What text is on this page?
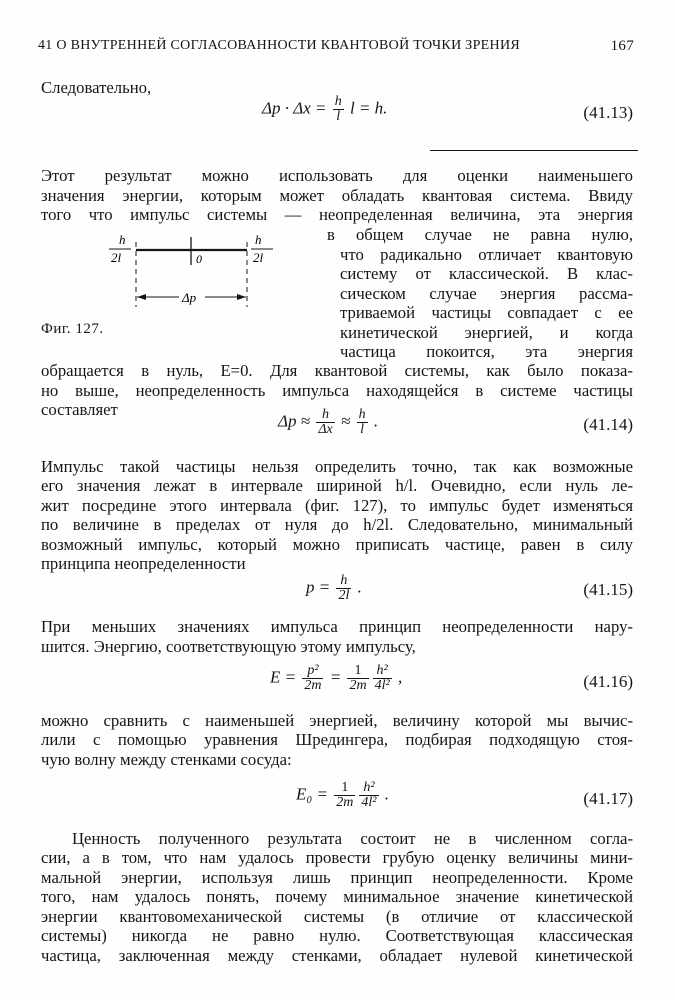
41 О ВНУТРЕННЕЙ СОГЛАСОВАННОСТИ КВАНТОВОЙ ТОЧКИ ЗРЕНИЯ	167

Следовательно,

$\Delta p \cdot \Delta x = \frac{h}{l}$ l = h.	(41.13)

Этот результат можно использовать для оценки наименьшего

значения энергии, которым может обладать квантовая система. Ввиду

того что импульс системы — неопределенная величина, эта энергия

в общем случае не равна нулю,

что радикально отличает квантовую

систему от классической. В клас-

сическом случае энергия рассма-

триваемой частицы совпадает с ее

кинетической энергией, и когда

частица покоится, эта энергия

обращается в нуль, E=0. Для квантовой системы, как было показа-

но выше, неопределенность импульса находящейся в системе частицы

составляет

h
2l
h
2l
0
Δp
Фиг. 127.
$\Delta p \approx \frac{h}{\Delta x} \approx \frac{h}{l}$ .	(41.14)

Импульс такой частицы нельзя определить точно, так как возможные

его значения лежат в интервале шириной h/l. Очевидно, если нуль ле-

жит посредине этого интервала (фиг. 127), то импульс будет изменяться

по величине в пределах от нуля до h/2l. Следовательно, минимальный

возможный импульс, который можно приписать частице, равен в силу

принципа неопределенности

$p = \frac{h}{2l}$ .	(41.15)

При меньших значениях импульса принцип неопределенности нару-

шится. Энергию, соответствующую этому импульсу,

$E = \frac{\text{p²}}{2m} = \frac{1}{2m} \frac{\text{h²}}{\text{4l²}}$ ,	(41.16)

можно сравнить с наименьшей энергией, величину которой мы вычис-

лили с помощью уравнения Шредингера, подбирая подходящую стоя-

чую волну между стенками сосуда:

$E_0 = \frac{1}{2m} \frac{\text{h²}}{\text{4l²}}$ .	(41.17)

Ценность полученного результата состоит не в численном согла-

сии, а в том, что нам удалось провести грубую оценку величины мини-

мальной энергии, используя лишь принцип неопределенности. Кроме

того, нам удалось понять, почему минимальное значение кинетической

энергии квантовомеханической системы (в отличие от классической

системы) никогда не равно нулю. Соответствующая классическая

частица, заключенная между стенками, обладает нулевой кинетической
